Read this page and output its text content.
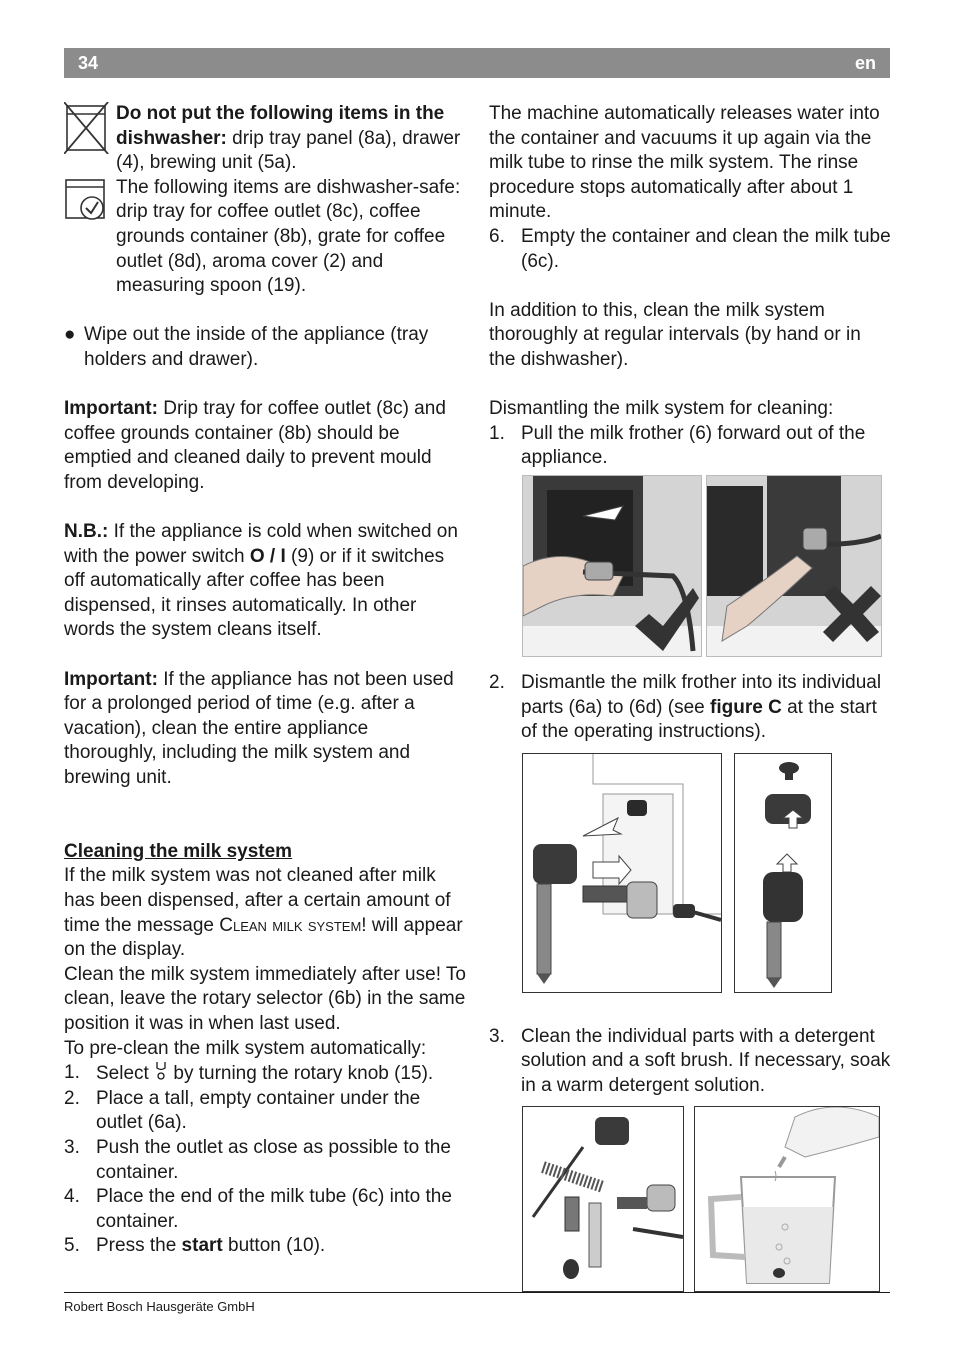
34	en

Do not put the following items in the dishwasher: drip tray panel (8a), drawer (4), brewing unit (5a).

The following items are dishwasher-safe: drip tray for coffee outlet (8c), coffee grounds container (8b), grate for coffee outlet (8d), aroma cover (2) and measuring spoon (19).

● Wipe out the inside of the appliance (tray holders and drawer).

Important: Drip tray for coffee outlet (8c) and coffee grounds container (8b) should be emptied and cleaned daily to prevent mould from developing.

N.B.: If the appliance is cold when switched on with the power switch O / I (9) or if it switches off automatically after coffee has been dispensed, it rinses automatically. In other words the system cleans itself.

Important: If the appliance has not been used for a prolonged period of time (e.g. after a vacation), clean the entire appliance thoroughly, including the milk system and brewing unit.

Cleaning the milk system

If the milk system was not cleaned after milk has been dispensed, after a certain amount of time the message Clean milk system! will appear on the display.

Clean the milk system immediately after use! To clean, leave the rotary selector (6b) in the same position it was in when last used.

To pre-clean the milk system automatically:

1. Select  by turning the rotary knob (15).
2. Place a tall, empty container under the outlet (6a).
3. Push the outlet as close as possible to the container.
4. Place the end of the milk tube (6c) into the container.
5. Press the start button (10).

The machine automatically releases water into the container and vacuums it up again via the milk tube to rinse the milk system. The rinse procedure stops automatically after about 1 minute.

6. Empty the container and clean the milk tube (6c).

In addition to this, clean the milk system thoroughly at regular intervals (by hand or in the dishwasher).

Dismantling the milk system for cleaning:

1. Pull the milk frother (6) forward out of the appliance.
2. Dismantle the milk frother into its individual parts (6a) to (6d) (see figure C at the start of the operating instructions).
3. Clean the individual parts with a detergent solution and a soft brush. If necessary, soak in a warm detergent solution.
Robert Bosch Hausgeräte GmbH
